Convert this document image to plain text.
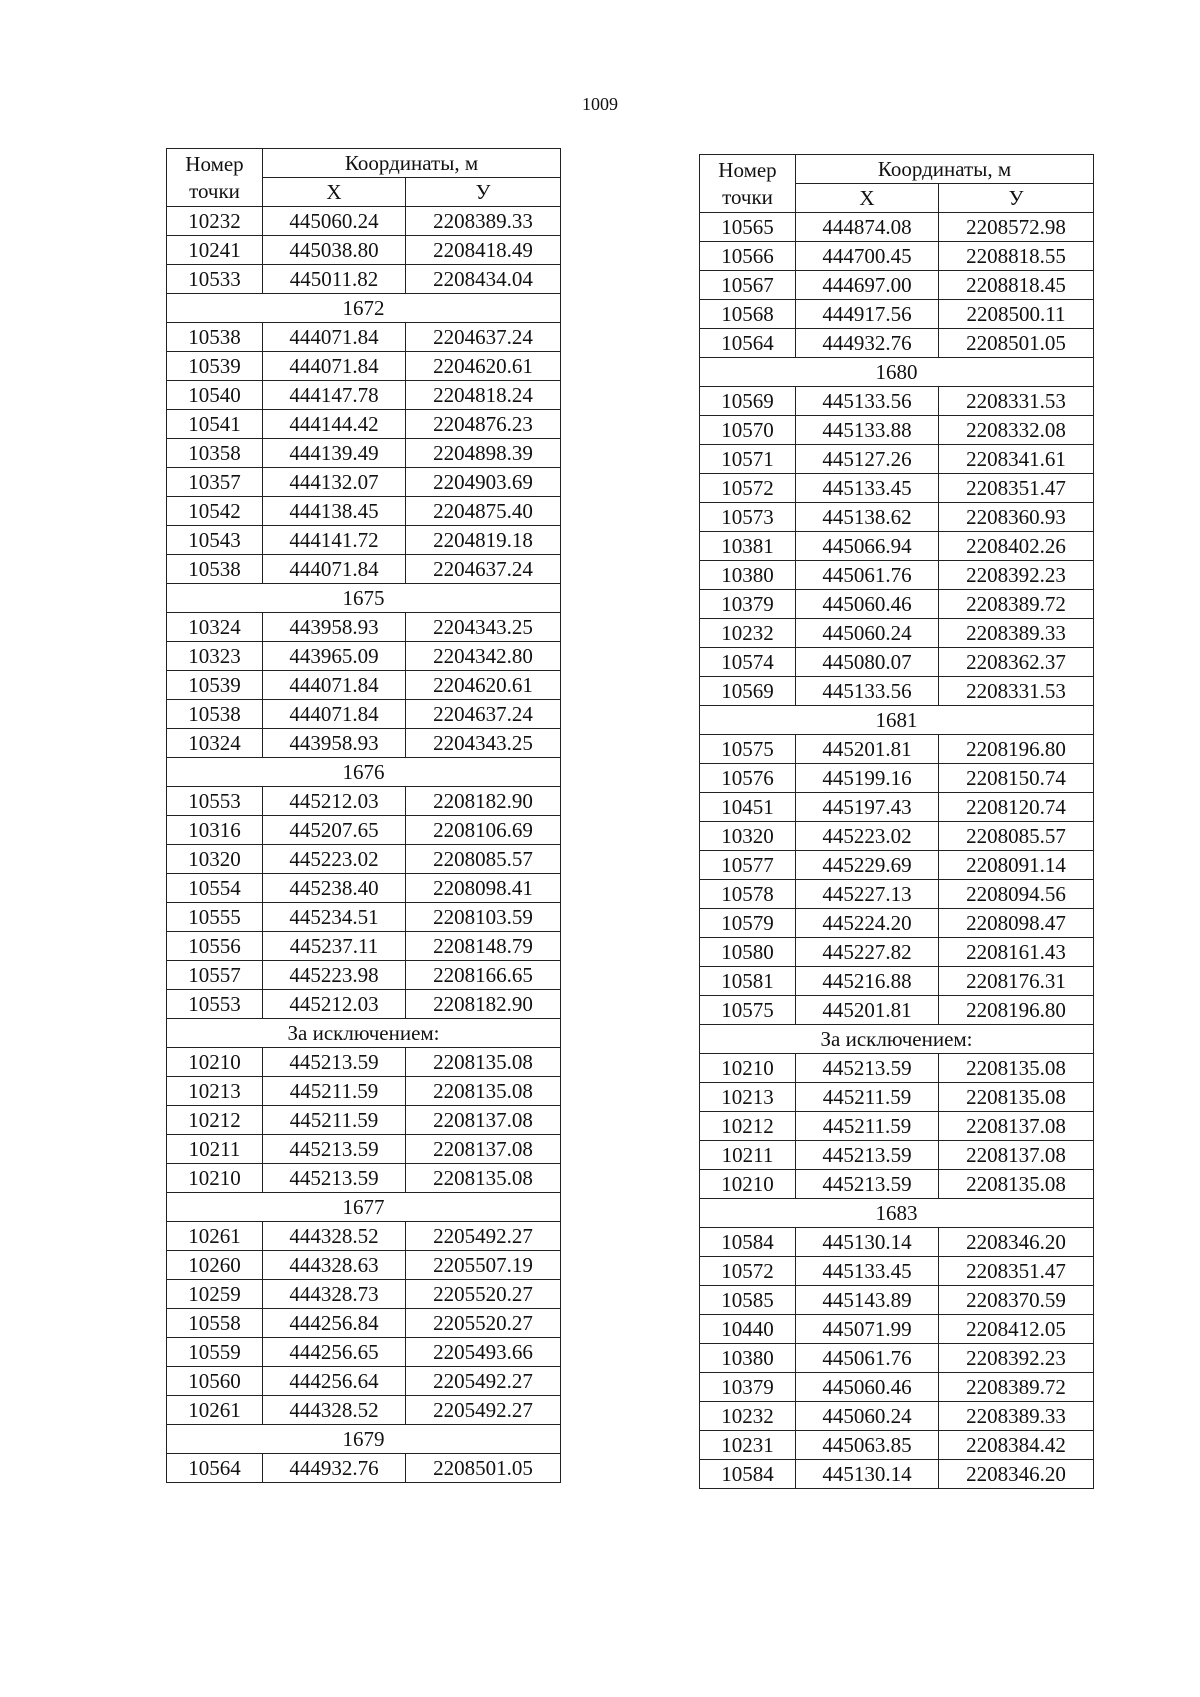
1009
Номер точки	Координаты, м	
	Х	У
10232	445060.24	2208389.33
10241	445038.80	2208418.49
10533	445011.82	2208434.04
1672		
10538	444071.84	2204637.24
10539	444071.84	2204620.61
10540	444147.78	2204818.24
10541	444144.42	2204876.23
10358	444139.49	2204898.39
10357	444132.07	2204903.69
10542	444138.45	2204875.40
10543	444141.72	2204819.18
10538	444071.84	2204637.24
1675		
10324	443958.93	2204343.25
10323	443965.09	2204342.80
10539	444071.84	2204620.61
10538	444071.84	2204637.24
10324	443958.93	2204343.25
1676		
10553	445212.03	2208182.90
10316	445207.65	2208106.69
10320	445223.02	2208085.57
10554	445238.40	2208098.41
10555	445234.51	2208103.59
10556	445237.11	2208148.79
10557	445223.98	2208166.65
10553	445212.03	2208182.90
За исключением:		
10210	445213.59	2208135.08
10213	445211.59	2208135.08
10212	445211.59	2208137.08
10211	445213.59	2208137.08
10210	445213.59	2208135.08
1677		
10261	444328.52	2205492.27
10260	444328.63	2205507.19
10259	444328.73	2205520.27
10558	444256.84	2205520.27
10559	444256.65	2205493.66
10560	444256.64	2205492.27
10261	444328.52	2205492.27
1679		
10564	444932.76	2208501.05
Номер точки	Координаты, м	
	Х	У
10565	444874.08	2208572.98
10566	444700.45	2208818.55
10567	444697.00	2208818.45
10568	444917.56	2208500.11
10564	444932.76	2208501.05
1680		
10569	445133.56	2208331.53
10570	445133.88	2208332.08
10571	445127.26	2208341.61
10572	445133.45	2208351.47
10573	445138.62	2208360.93
10381	445066.94	2208402.26
10380	445061.76	2208392.23
10379	445060.46	2208389.72
10232	445060.24	2208389.33
10574	445080.07	2208362.37
10569	445133.56	2208331.53
1681		
10575	445201.81	2208196.80
10576	445199.16	2208150.74
10451	445197.43	2208120.74
10320	445223.02	2208085.57
10577	445229.69	2208091.14
10578	445227.13	2208094.56
10579	445224.20	2208098.47
10580	445227.82	2208161.43
10581	445216.88	2208176.31
10575	445201.81	2208196.80
За исключением:		
10210	445213.59	2208135.08
10213	445211.59	2208135.08
10212	445211.59	2208137.08
10211	445213.59	2208137.08
10210	445213.59	2208135.08
1683		
10584	445130.14	2208346.20
10572	445133.45	2208351.47
10585	445143.89	2208370.59
10440	445071.99	2208412.05
10380	445061.76	2208392.23
10379	445060.46	2208389.72
10232	445060.24	2208389.33
10231	445063.85	2208384.42
10584	445130.14	2208346.20
